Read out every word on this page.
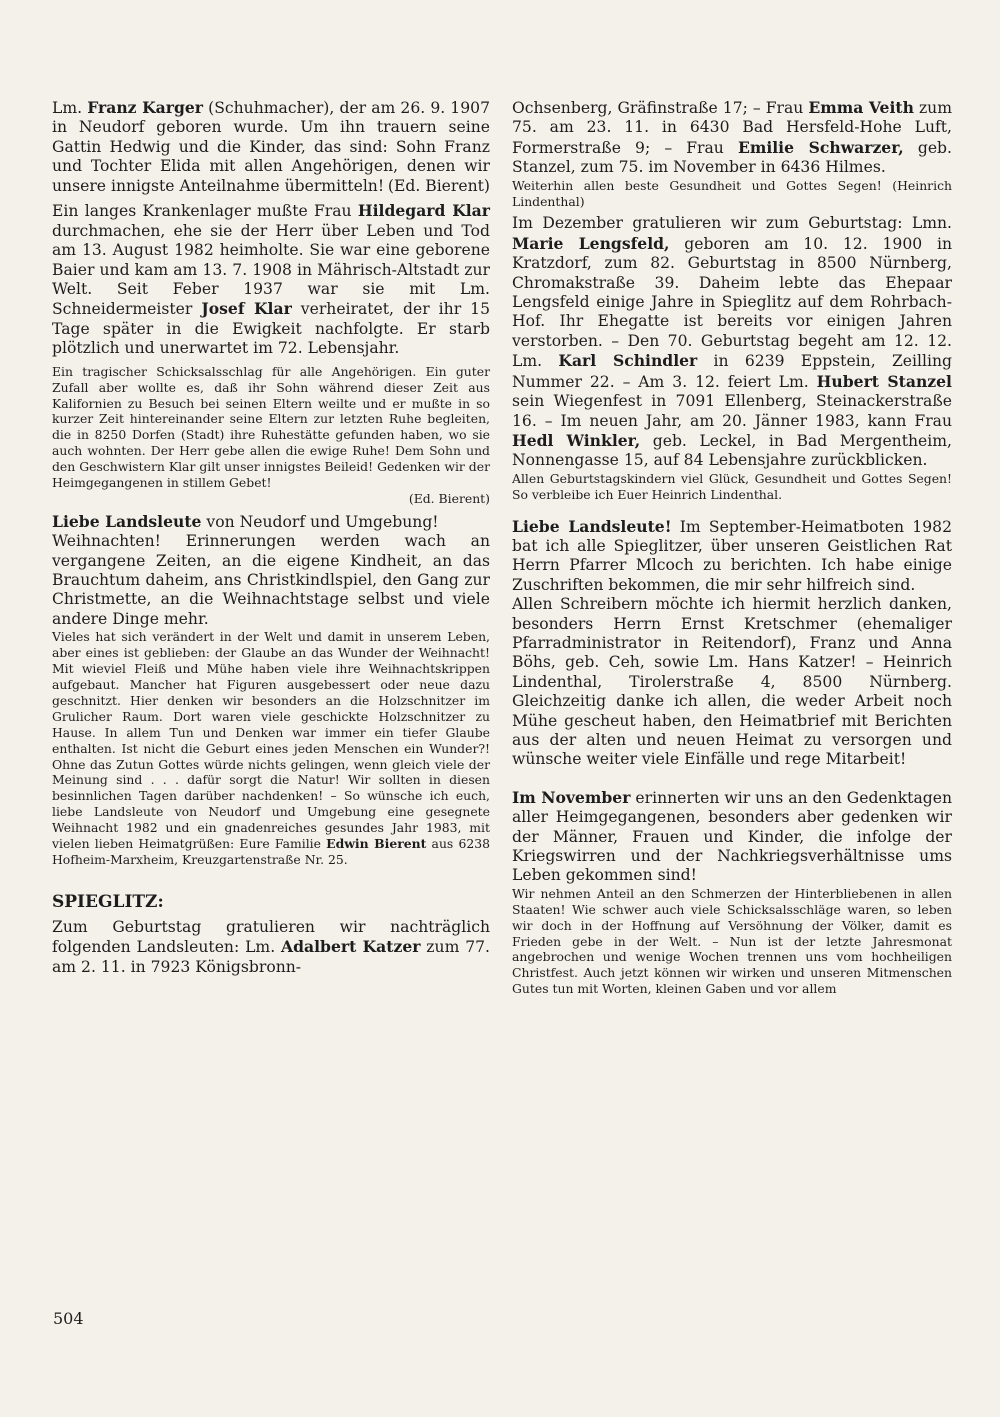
Lm. Franz Karger (Schuhmacher), der am 26. 9. 1907 in Neudorf geboren wurde. Um ihn trauern seine Gattin Hedwig und die Kinder, das sind: Sohn Franz und Tochter Elida mit allen Angehörigen, denen wir unsere innigste Anteilnahme übermitteln! (Ed. Bierent)

Ein langes Krankenlager mußte Frau Hildegard Klar durchmachen, ehe sie der Herr über Leben und Tod am 13. August 1982 heimholte. Sie war eine geborene Baier und kam am 13. 7. 1908 in Mährisch-Altstadt zur Welt. Seit Feber 1937 war sie mit Lm. Schneidermeister Josef Klar verheiratet, der ihr 15 Tage später in die Ewigkeit nachfolgte. Er starb plötzlich und unerwartet im 72. Lebensjahr.

Ein tragischer Schicksalsschlag für alle Angehörigen. Ein guter Zufall aber wollte es, daß ihr Sohn während dieser Zeit aus Kalifornien zu Besuch bei seinen Eltern weilte und er mußte in so kurzer Zeit hintereinander seine Eltern zur letzten Ruhe begleiten, die in 8250 Dorfen (Stadt) ihre Ruhestätte gefunden haben, wo sie auch wohnten. Der Herr gebe allen die ewige Ruhe! Dem Sohn und den Geschwistern Klar gilt unser innigstes Beileid! Gedenken wir der Heimgegangenen in stillem Gebet!

(Ed. Bierent)

Liebe Landsleute von Neudorf und Umgebung!

Weihnachten! Erinnerungen werden wach an vergangene Zeiten, an die eigene Kindheit, an das Brauchtum daheim, ans Christkindlspiel, den Gang zur Christmette, an die Weihnachtstage selbst und viele andere Dinge mehr.

Vieles hat sich verändert in der Welt und damit in unserem Leben, aber eines ist geblieben: der Glaube an das Wunder der Weihnacht! Mit wieviel Fleiß und Mühe haben viele ihre Weihnachtskrippen aufgebaut. Mancher hat Figuren ausgebessert oder neue dazu geschnitzt. Hier denken wir besonders an die Holzschnitzer im Grulicher Raum. Dort waren viele geschickte Holzschnitzer zu Hause. In allem Tun und Denken war immer ein tiefer Glaube enthalten. Ist nicht die Geburt eines jeden Menschen ein Wunder?! Ohne das Zutun Gottes würde nichts gelingen, wenn gleich viele der Meinung sind . . . dafür sorgt die Natur! Wir sollten in diesen besinnlichen Tagen darüber nachdenken! – So wünsche ich euch, liebe Landsleute von Neudorf und Umgebung eine gesegnete Weihnacht 1982 und ein gnadenreiches gesundes Jahr 1983, mit vielen lieben Heimatgrüßen: Eure Familie Edwin Bierent aus 6238 Hofheim-Marxheim, Kreuzgartenstraße Nr. 25.

SPIEGLITZ:

Zum Geburtstag gratulieren wir nachträglich folgenden Landsleuten: Lm. Adalbert Katzer zum 77. am 2. 11. in 7923 Königsbronn-

Ochsenberg, Gräfinstraße 17; – Frau Emma Veith zum 75. am 23. 11. in 6430 Bad Hersfeld-Hohe Luft, Formerstraße 9; – Frau Emilie Schwarzer, geb. Stanzel, zum 75. im November in 6436 Hilmes.

Weiterhin allen beste Gesundheit und Gottes Segen! (Heinrich Lindenthal)

Im Dezember gratulieren wir zum Geburtstag: Lmn. Marie Lengsfeld, geboren am 10. 12. 1900 in Kratzdorf, zum 82. Geburtstag in 8500 Nürnberg, Chromakstraße 39. Daheim lebte das Ehepaar Lengsfeld einige Jahre in Spieglitz auf dem Rohrbach-Hof. Ihr Ehegatte ist bereits vor einigen Jahren verstorben. – Den 70. Geburtstag begeht am 12. 12. Lm. Karl Schindler in 6239 Eppstein, Zeilling Nummer 22. – Am 3. 12. feiert Lm. Hubert Stanzel sein Wiegenfest in 7091 Ellenberg, Steinackerstraße 16. – Im neuen Jahr, am 20. Jänner 1983, kann Frau Hedl Winkler, geb. Leckel, in Bad Mergentheim, Nonnengasse 15, auf 84 Lebensjahre zurückblicken.

Allen Geburtstagskindern viel Glück, Gesundheit und Gottes Segen! So verbleibe ich Euer Heinrich Lindenthal.

Liebe Landsleute! Im September-Heimatboten 1982 bat ich alle Spieglitzer, über unseren Geistlichen Rat Herrn Pfarrer Mlcoch zu berichten. Ich habe einige Zuschriften bekommen, die mir sehr hilfreich sind.

Allen Schreibern möchte ich hiermit herzlich danken, besonders Herrn Ernst Kretschmer (ehemaliger Pfarradministrator in Reitendorf), Franz und Anna Böhs, geb. Ceh, sowie Lm. Hans Katzer! – Heinrich Lindenthal, Tirolerstraße 4, 8500 Nürnberg. Gleichzeitig danke ich allen, die weder Arbeit noch Mühe gescheut haben, den Heimatbrief mit Berichten aus der alten und neuen Heimat zu versorgen und wünsche weiter viele Einfälle und rege Mitarbeit!

Im November erinnerten wir uns an den Gedenktagen aller Heimgegangenen, besonders aber gedenken wir der Männer, Frauen und Kinder, die infolge der Kriegswirren und der Nachkriegsverhältnisse ums Leben gekommen sind!

Wir nehmen Anteil an den Schmerzen der Hinterbliebenen in allen Staaten! Wie schwer auch viele Schicksalsschläge waren, so leben wir doch in der Hoffnung auf Versöhnung der Völker, damit es Frieden gebe in der Welt. – Nun ist der letzte Jahresmonat angebrochen und wenige Wochen trennen uns vom hochheiligen Christfest. Auch jetzt können wir wirken und unseren Mitmenschen Gutes tun mit Worten, kleinen Gaben und vor allem

504
